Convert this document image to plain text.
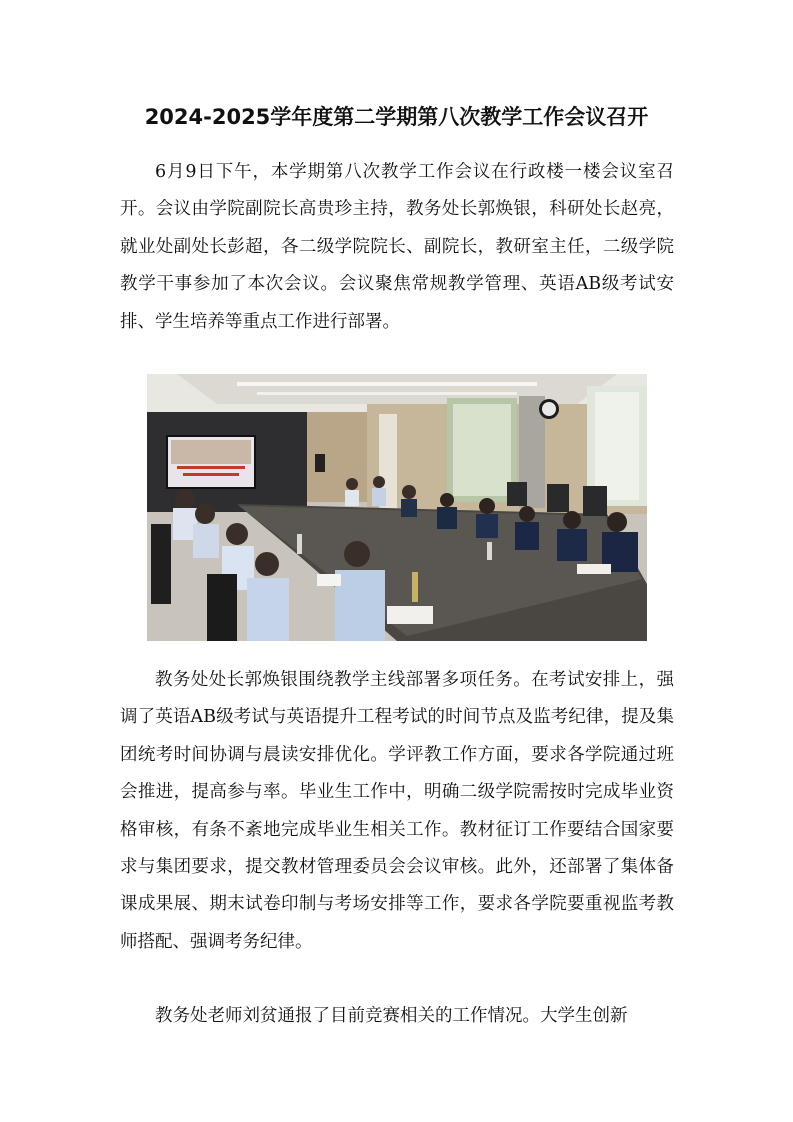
2024-2025学年度第二学期第八次教学工作会议召开

6月9日下午，本学期第八次教学工作会议在行政楼一楼会议室召开。会议由学院副院长高贵珍主持，教务处长郭焕银，科研处长赵亮，就业处副处长彭超，各二级学院院长、副院长，教研室主任，二级学院教学干事参加了本次会议。会议聚焦常规教学管理、英语AB级考试安排、学生培养等重点工作进行部署。

教务处处长郭焕银围绕教学主线部署多项任务。在考试安排上，强调了英语AB级考试与英语提升工程考试的时间节点及监考纪律，提及集团统考时间协调与晨读安排优化。学评教工作方面，要求各学院通过班会推进，提高参与率。毕业生工作中，明确二级学院需按时完成毕业资格审核，有条不紊地完成毕业生相关工作。教材征订工作要结合国家要求与集团要求，提交教材管理委员会会议审核。此外，还部署了集体备课成果展、期末试卷印制与考场安排等工作，要求各学院要重视监考教师搭配、强调考务纪律。

教务处老师刘贫通报了目前竞赛相关的工作情况。大学生创新
